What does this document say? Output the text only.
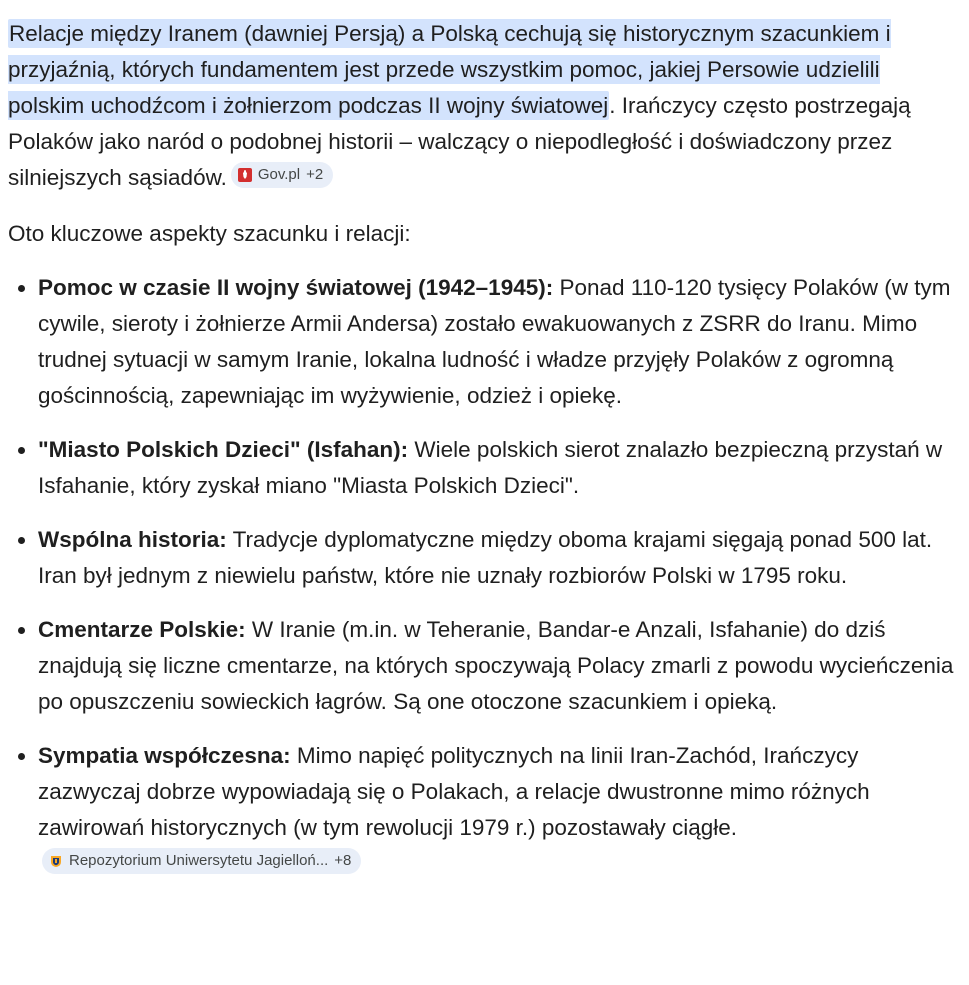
Relacje między Iranem (dawniej Persją) a Polską cechują się historycznym szacunkiem i przyjaźnią, których fundamentem jest przede wszystkim pomoc, jakiej Persowie udzielili polskim uchodźcom i żołnierzom podczas II wojny światowej. Irańczycy często postrzegają Polaków jako naród o podobnej historii – walczący o niepodległość i doświadczony przez silniejszych sąsiadów. Gov.pl +2

Oto kluczowe aspekty szacunku i relacji:

Pomoc w czasie II wojny światowej (1942–1945): Ponad 110-120 tysięcy Polaków (w tym cywile, sieroty i żołnierze Armii Andersa) zostało ewakuowanych z ZSRR do Iranu. Mimo trudnej sytuacji w samym Iranie, lokalna ludność i władze przyjęły Polaków z ogromną gościnnością, zapewniając im wyżywienie, odzież i opiekę.
"Miasto Polskich Dzieci" (Isfahan): Wiele polskich sierot znalazło bezpieczną przystań w Isfahanie, który zyskał miano "Miasta Polskich Dzieci".
Wspólna historia: Tradycje dyplomatyczne między oboma krajami sięgają ponad 500 lat. Iran był jednym z niewielu państw, które nie uznały rozbiorów Polski w 1795 roku.
Cmentarze Polskie: W Iranie (m.in. w Teheranie, Bandar-e Anzali, Isfahanie) do dziś znajdują się liczne cmentarze, na których spoczywają Polacy zmarli z powodu wycieńczenia po opuszczeniu sowieckich łagrów. Są one otoczone szacunkiem i opieką.
Sympatia współczesna: Mimo napięć politycznych na linii Iran-Zachód, Irańczycy zazwyczaj dobrze wypowiadają się o Polakach, a relacje dwustronne mimo różnych zawirowań historycznych (w tym rewolucji 1979 r.) pozostawały ciągłe.
Repozytorium Uniwersytetu Jagielloń... +8
